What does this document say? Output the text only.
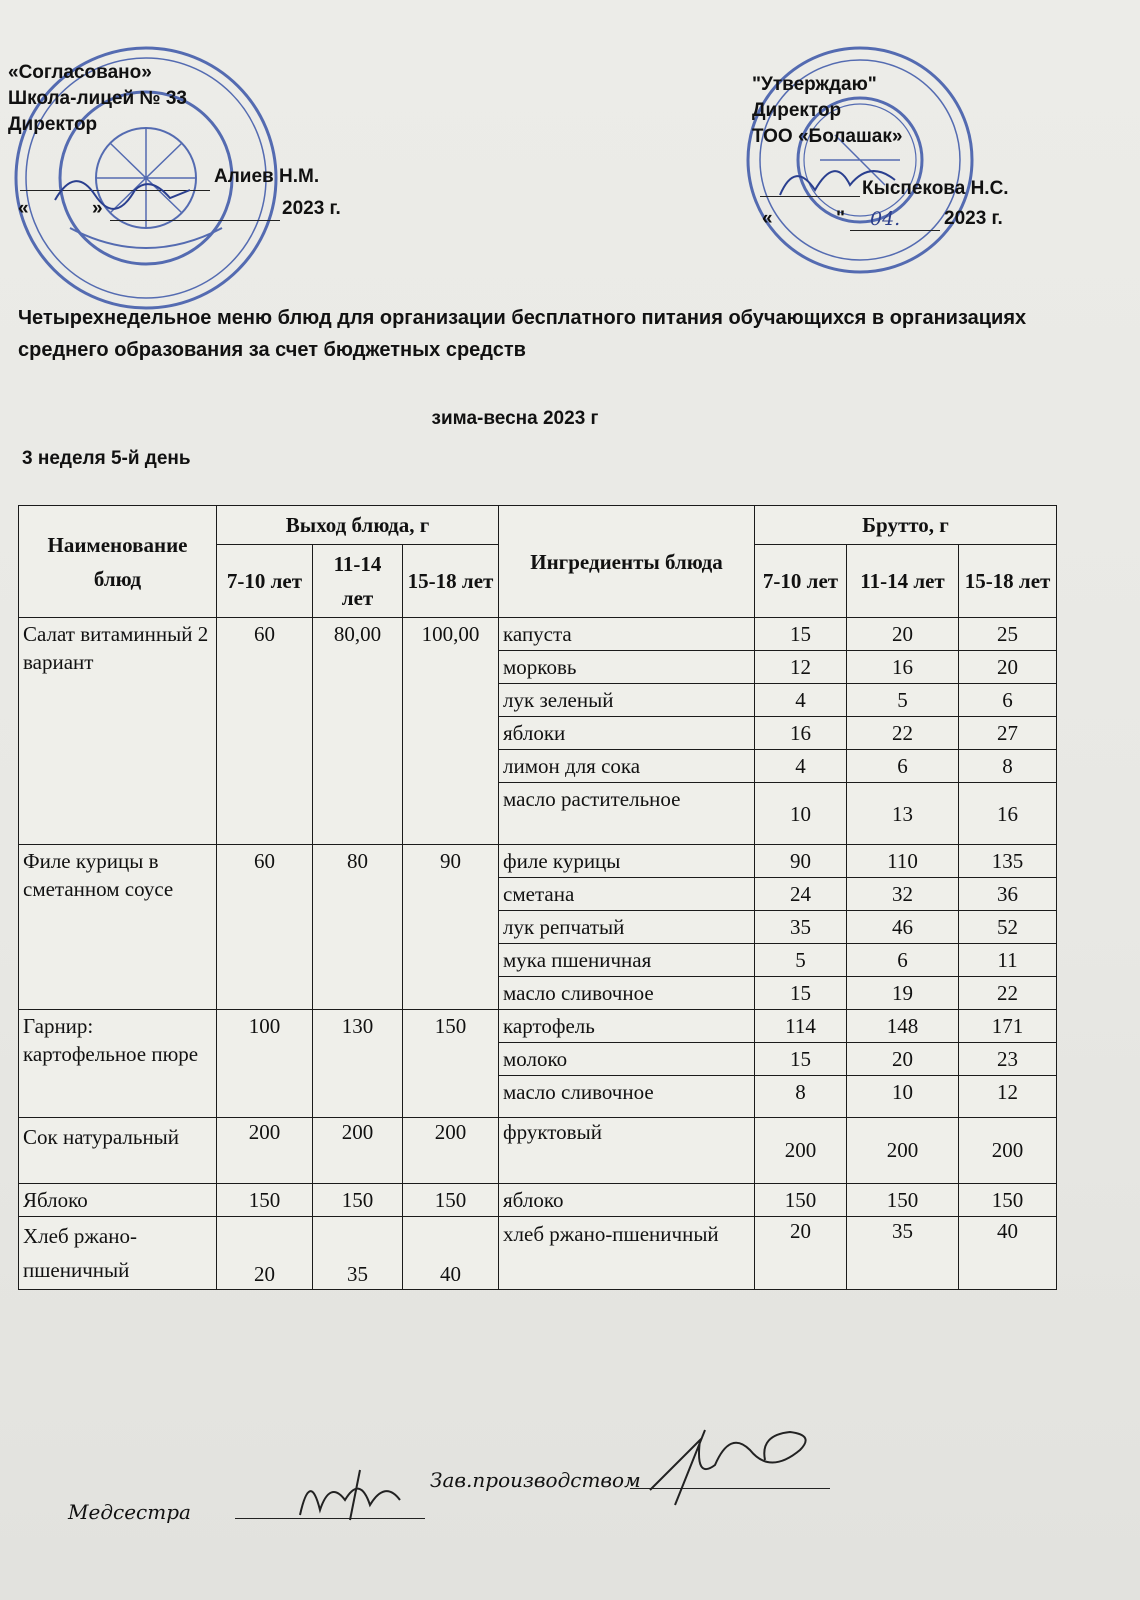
«Согласовано»
Школа-лицей № 33
Директор
Алиев Н.М.
«	»	2023 г.
"Утверждаю"
Директор
ТОО «Болашак»
Кыспекова Н.С.
«	" 04. 2023 г.
Четырехнедельное меню блюд для организации бесплатного питания обучающихся в организациях среднего образования за счет бюджетных средств
зима-весна 2023 г
3 неделя 5-й день
Наименование блюд	Выход блюда, г			Ингредиенты блюда	Брутто, г		
	7-10 лет	11-14 лет	15-18 лет		7-10 лет	11-14 лет	15-18 лет
Салат витаминный 2 вариант	60	80,00	100,00	капуста	15	20	25
				морковь	12	16	20
				лук зеленый	4	5	6
				яблоки	16	22	27
				лимон для сока	4	6	8
				масло растительное	10	13	16
Филе курицы в сметанном соусе	60	80	90	филе курицы	90	110	135
				сметана	24	32	36
				лук репчатый	35	46	52
				мука пшеничная	5	6	11
				масло сливочное	15	19	22
Гарнир: картофельное пюре	100	130	150	картофель	114	148	171
				молоко	15	20	23
				масло сливочное	8	10	12
Сок натуральный	200	200	200	фруктовый	200	200	200
Яблоко	150	150	150	яблоко	150	150	150
Хлеб ржано-пшеничный	20	35	40	хлеб ржано-пшеничный	20	35	40
Медсестра
Зав.производством
